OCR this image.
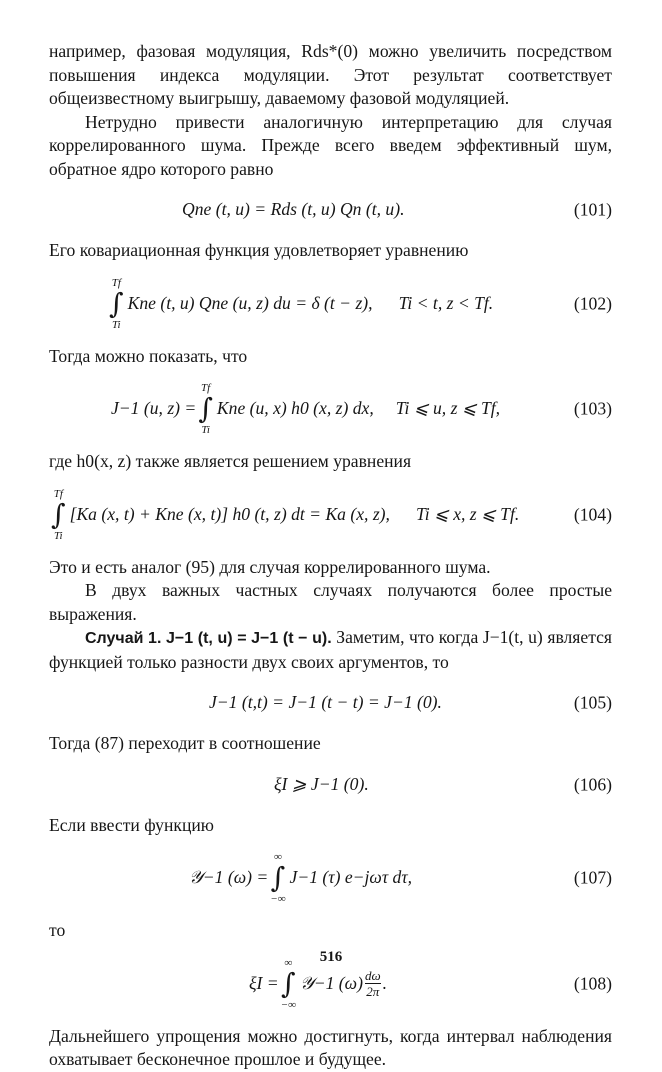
например, фазовая модуляция, Rds*(0) можно увеличить посредством повышения индекса модуляции. Этот результат соответствует общеизвестному выигрышу, даваемому фазовой модуляцией.

Нетрудно привести аналогичную интерпретацию для случая коррелированного шума. Прежде всего введем эффективный шум, обратное ядро которого равно

Qne (t, u) = Rds (t, u) Qn (t, u).	(101)

Его ковариационная функция удовлетворяет уравнению

Tf
∫
Ti
Kne (t, u) Qne (u, z) du = δ (t − z), Ti < t, z < Tf.	(102)

Тогда можно показать, что

J−1 (u, z) =
Tf
∫
Ti
Kne (u, x) h0 (x, z) dx, Ti ⩽ u, z ⩽ Tf,	(103)

где h0(x, z) также является решением уравнения

Tf
∫
Ti
[Ka (x, t) + Kne (x, t)] h0 (t, z) dt = Ka (x, z), Ti ⩽ x, z ⩽ Tf.	(104)

Это и есть аналог (95) для случая коррелированного шума.

В двух важных частных случаях получаются более простые выражения.

Случай 1. J−1 (t, u) = J−1 (t − u). Заметим, что когда J−1(t, u) является функцией только разности двух своих аргументов, то

J−1 (t,t) = J−1 (t − t) = J−1 (0).	(105)

Тогда (87) переходит в соотношение

ξI ⩾ J−1 (0).	(106)

Если ввести функцию

𝒴−1 (ω) =
∞
∫
−∞
J−1 (τ) e−jωτ dτ,	(107)

то

ξI =
∞
∫
−∞
𝒴−1 $(\omega) \frac{d\omega}{2\pi}$ .	(108)

Дальнейшего упрощения можно достигнуть, когда интервал наблюдения охватывает бесконечное прошлое и будущее.

516
